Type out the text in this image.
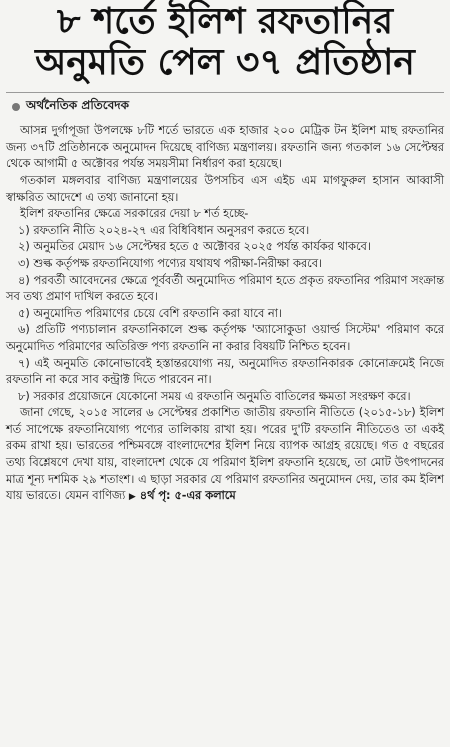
৮ শর্তে ইলিশ রফতানির
অনুমতি পেল ৩৭ প্রতিষ্ঠান
অর্থনৈতিক প্রতিবেদক

আসন্ন দুর্গাপূজা উপলক্ষে ৮টি শর্তে ভারতে এক হাজার ২০০ মেট্রিক টন ইলিশ মাছ রফতানির জন্য ৩৭টি প্রতিষ্ঠানকে অনুমোদন দিয়েছে বাণিজ্য মন্ত্রণালয়। রফতানি জন্য গতকাল ১৬ সেপ্টেম্বর থেকে আগামী ৫ অক্টোবর পর্যন্ত সময়সীমা নির্ধারণ করা হয়েছে।

গতকাল মঙ্গলবার বাণিজ্য মন্ত্রণালয়ের উপসচিব এস এইচ এম মাগফুরুল হাসান আব্বাসী স্বাক্ষরিত আদেশে এ তথ্য জানানো হয়।

ইলিশ রফতানির ক্ষেত্রে সরকারের দেয়া ৮ শর্ত হচ্ছে-

১) রফতানি নীতি ২০২৪-২৭ এর বিধিবিধান অনুসরণ করতে হবে।

২) অনুমতির মেয়াদ ১৬ সেপ্টেম্বর হতে ৫ অক্টোবর ২০২৫ পর্যন্ত কার্যকর থাকবে।

৩) শুল্ক কর্তৃপক্ষ রফতানিযোগ্য পণ্যের যথাযথ পরীক্ষা-নিরীক্ষা করবে।

৪) পরবর্তী আবেদনের ক্ষেত্রে পূর্ববর্তী অনুমোদিত পরিমাণ হতে প্রকৃত রফতানির পরিমাণ সংক্রান্ত সব তথ্য প্রমাণ দাখিল করতে হবে।

৫) অনুমোদিত পরিমাণের চেয়ে বেশি রফতানি করা যাবে না।

৬) প্রতিটি পণ্যচালান রফতানিকালে শুল্ক কর্তৃপক্ষ 'অ্যাসোকুডা ওয়ার্ল্ড সিস্টেম' পরিমাণ করে অনুমোদিত পরিমাণের অতিরিক্ত পণ্য রফতানি না করার বিষয়টি নিশ্চিত হবেন।

৭) এই অনুমতি কোনোভাবেই হস্তান্তরযোগ্য নয়, অনুমোদিত রফতানিকারক কোনোক্রমেই নিজে রফতানি না করে সাব কন্ট্রাক্ট দিতে পারবেন না।

৮) সরকার প্রয়োজনে যেকোনো সময় এ রফতানি অনুমতি বাতিলের ক্ষমতা সংরক্ষণ করে।

জানা গেছে, ২০১৫ সালের ৬ সেপ্টেম্বর প্রকাশিত জাতীয় রফতানি নীতিতে (২০১৫-১৮) ইলিশ শর্ত সাপেক্ষে রফতানিযোগ্য পণ্যের তালিকায় রাখা হয়। পরের দু'টি রফতানি নীতিতেও তা একই রকম রাখা হয়। ভারতের পশ্চিমবঙ্গে বাংলাদেশের ইলিশ নিয়ে ব্যাপক আগ্রহ রয়েছে। গত ৫ বছরের তথ্য বিশ্লেষণে দেখা যায়, বাংলাদেশ থেকে যে পরিমাণ ইলিশ রফতানি হয়েছে, তা মোট উৎপাদনের মাত্র শূন্য দশমিক ২৯ শতাংশ। এ ছাড়া সরকার যে পরিমাণ রফতানির অনুমোদন দেয়, তার কম ইলিশ যায় ভারতে। যেমন বাণিজ্য ▶ ৪র্থ পৃ: ৫-এর কলামে
